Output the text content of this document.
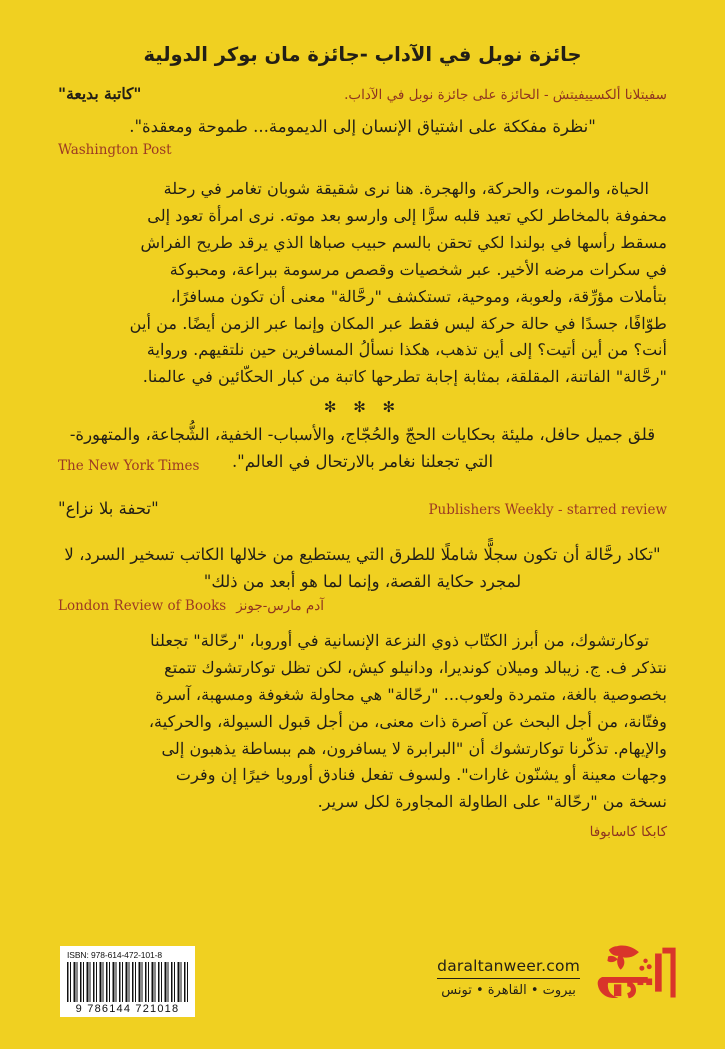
جائزة نوبل في الآداب -جائزة مان بوكر الدولية
سفيتلانا ألكسييفيتش - الحائزة على جائزة نوبل في الآداب.
"كاتبة بديعة"
"نظرة مفككة على اشتياق الإنسان إلى الديمومة... طموحة ومعقدة".
Washington Post
الحياة، والموت، والحركة، والهجرة. هنا نرى شقيقة شوبان تغامر في رحلة
محفوفة بالمخاطر لكي تعيد قلبه سرًّا إلى وارسو بعد موته. نرى امرأة تعود إلى
مسقط رأسها في بولندا لكي تحقن بالسم حبيب صباها الذي يرقد طريح الفراش
في سكرات مرضه الأخير. عبر شخصيات وقصص مرسومة ببراعة، ومحبوكة
بتأملات مؤرِّقة، ولعوبة، وموحية، تستكشف "رحَّالة" معنى أن تكون مسافرًا،
طوّافًا، جسدًا في حالة حركة ليس فقط عبر المكان وإنما عبر الزمن أيضًا. من أين
أنت؟ من أين أتيت؟ إلى أين تذهب، هكذا نسألُ المسافرين حين نلتقيهم. ورواية
"رحَّالة" الفاتنة، المقلقة، بمثابة إجابة تطرحها كاتبة من كبار الحكّائين في عالمنا.
✻ ✻ ✻
قلق جميل حافل، مليئة بحكايات الحجّ والحُجّاج، والأسباب- الخفية، الشُّجاعة، والمتهورة- التي تجعلنا نغامر بالارتحال في العالم".
The New York Times
Publishers Weekly - starred review
"تحفة بلا نزاع"
"تكاد رحَّالة أن تكون سجلًّا شاملًا للطرق التي يستطيع من خلالها الكاتب تسخير السرد، لا لمجرد حكاية القصة، وإنما لما هو أبعد من ذلك"
London Review of Books آدم مارس-جونز
توكارتشوك، من أبرز الكتّاب ذوي النزعة الإنسانية في أوروبا، "رحّالة" تجعلنا
نتذكر ف. ج. زيبالد وميلان كونديرا، ودانيلو كيش، لكن تظل توكارتشوك تتمتع
بخصوصية بالغة، متمردة ولعوب... "رحّالة" هي محاولة شغوفة ومسهبة، آسرة
وفتّانة، من أجل البحث عن آصرة ذات معنى، من أجل قبول السيولة، والحركية،
والإيهام. تذكّرنا توكارتشوك أن "البرابرة لا يسافرون، هم ببساطة يذهبون إلى
وجهات معينة أو يشنّون غارات". ولسوف تفعل فنادق أوروبا خيرًا إن وفرت
نسخة من "رحّالة" على الطاولة المجاورة لكل سرير.
كابكا كاسابوفا
ISBN: 978-614-472-101-8
9 786144 721018
daraltanweer.com
بيروت • القاهرة • تونس
